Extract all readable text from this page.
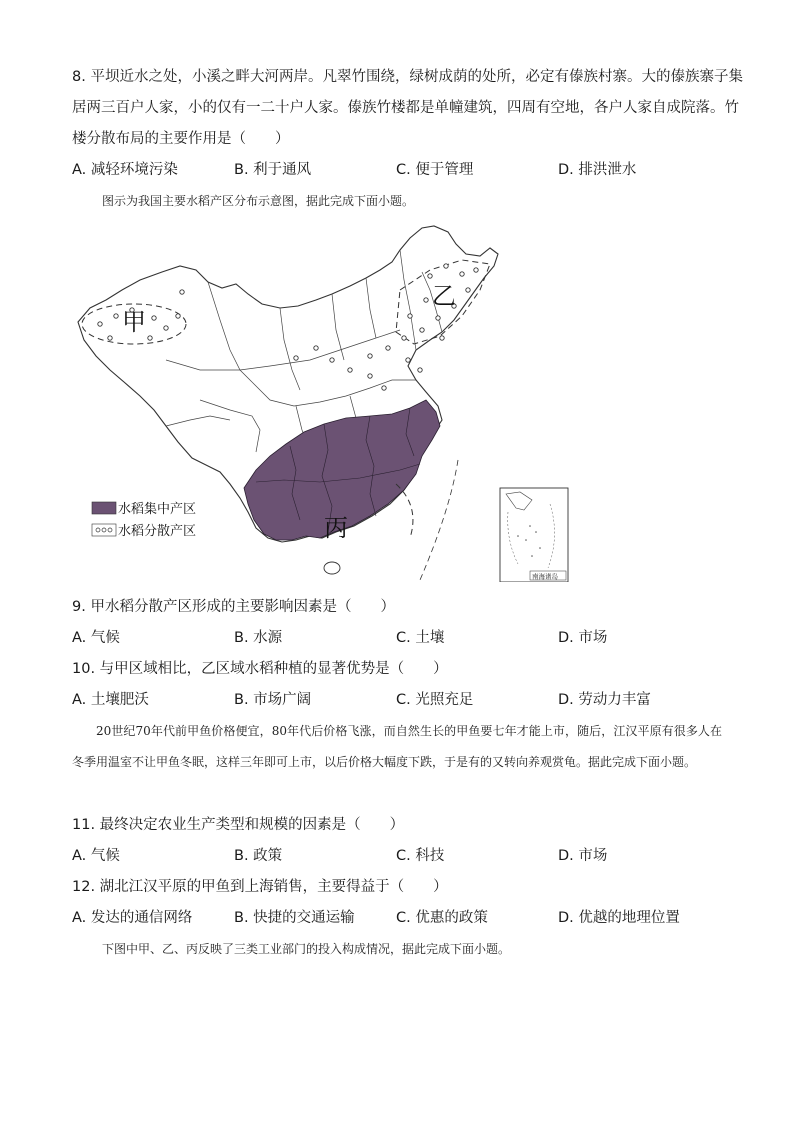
8. 平坝近水之处，小溪之畔大河两岸。凡翠竹围绕，绿树成荫的处所，必定有傣族村寨。大的傣族寨子集
居两三百户人家，小的仅有一二十户人家。傣族竹楼都是单幢建筑，四周有空地，各户人家自成院落。竹
楼分散布局的主要作用是（　　）
A. 减轻环境污染	B. 利于通风	C. 便于管理	D. 排洪泄水
图示为我国主要水稻产区分布示意图，据此完成下面小题。
甲
乙
丙
水稻集中产区
水稻分散产区
南海诸岛
9. 甲水稻分散产区形成的主要影响因素是（　　）
A. 气候	B. 水源	C. 土壤	D. 市场
10. 与甲区域相比，乙区域水稻种植的显著优势是（　　）
A. 土壤肥沃	B. 市场广阔	C. 光照充足	D. 劳动力丰富
20世纪70年代前甲鱼价格便宜，80年代后价格飞涨，而自然生长的甲鱼要七年才能上市，随后，江汉平原有很多人在冬季用温室不让甲鱼冬眠，这样三年即可上市，以后价格大幅度下跌，于是有的又转向养观赏龟。据此完成下面小题。
11. 最终决定农业生产类型和规模的因素是（　　）
A. 气候	B. 政策	C. 科技	D. 市场
12. 湖北江汉平原的甲鱼到上海销售，主要得益于（　　）
A. 发达的通信网络	B. 快捷的交通运输	C. 优惠的政策	D. 优越的地理位置
下图中甲、乙、丙反映了三类工业部门的投入构成情况，据此完成下面小题。
